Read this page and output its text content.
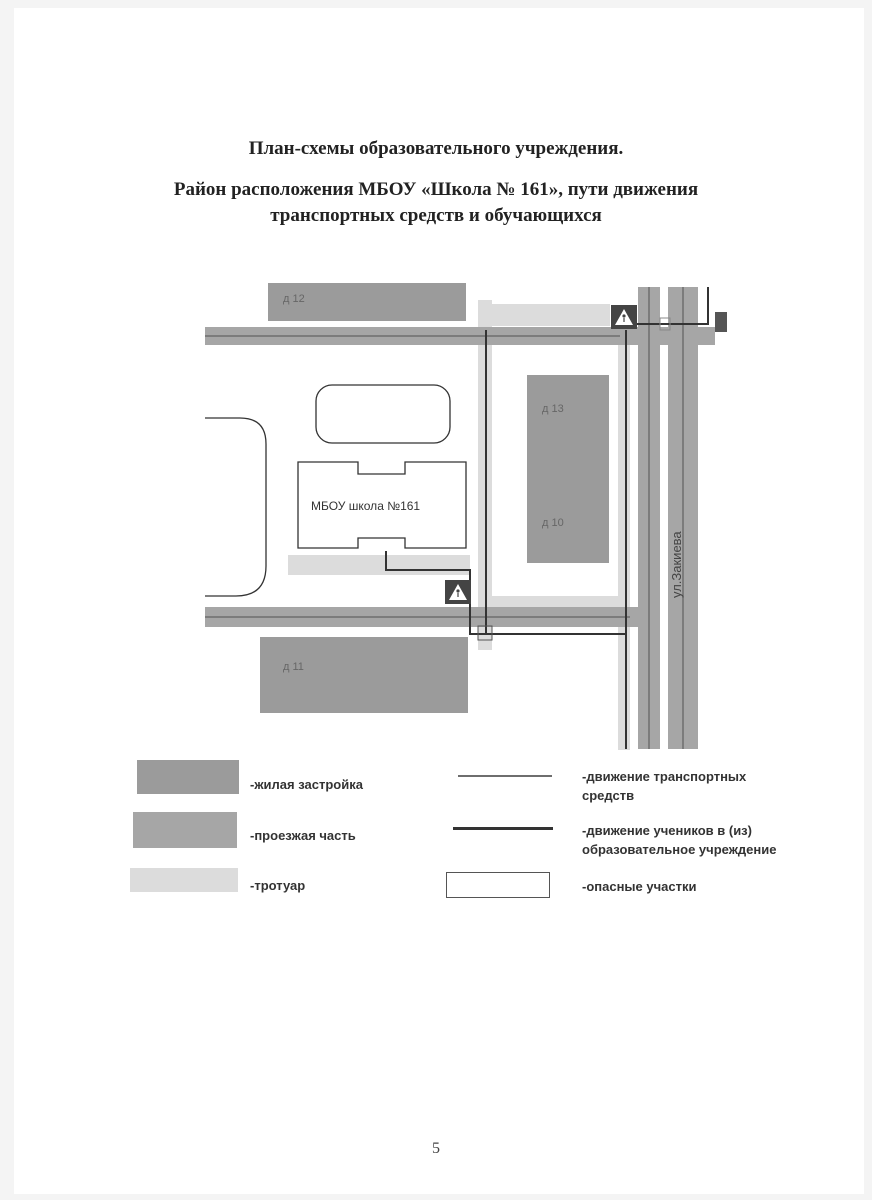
План-схемы образовательного учреждения.
Район расположения МБОУ «Школа № 161», пути движения
транспортных средств и обучающихся
д 12
д 13
д 10
д 11
МБОУ школа №161
ул.Закиева
-жилая застройка
-проезжая часть
-тротуар
-движение транспортных
средств
-движение учеников в (из)
образовательное учреждение
-опасные участки
5
